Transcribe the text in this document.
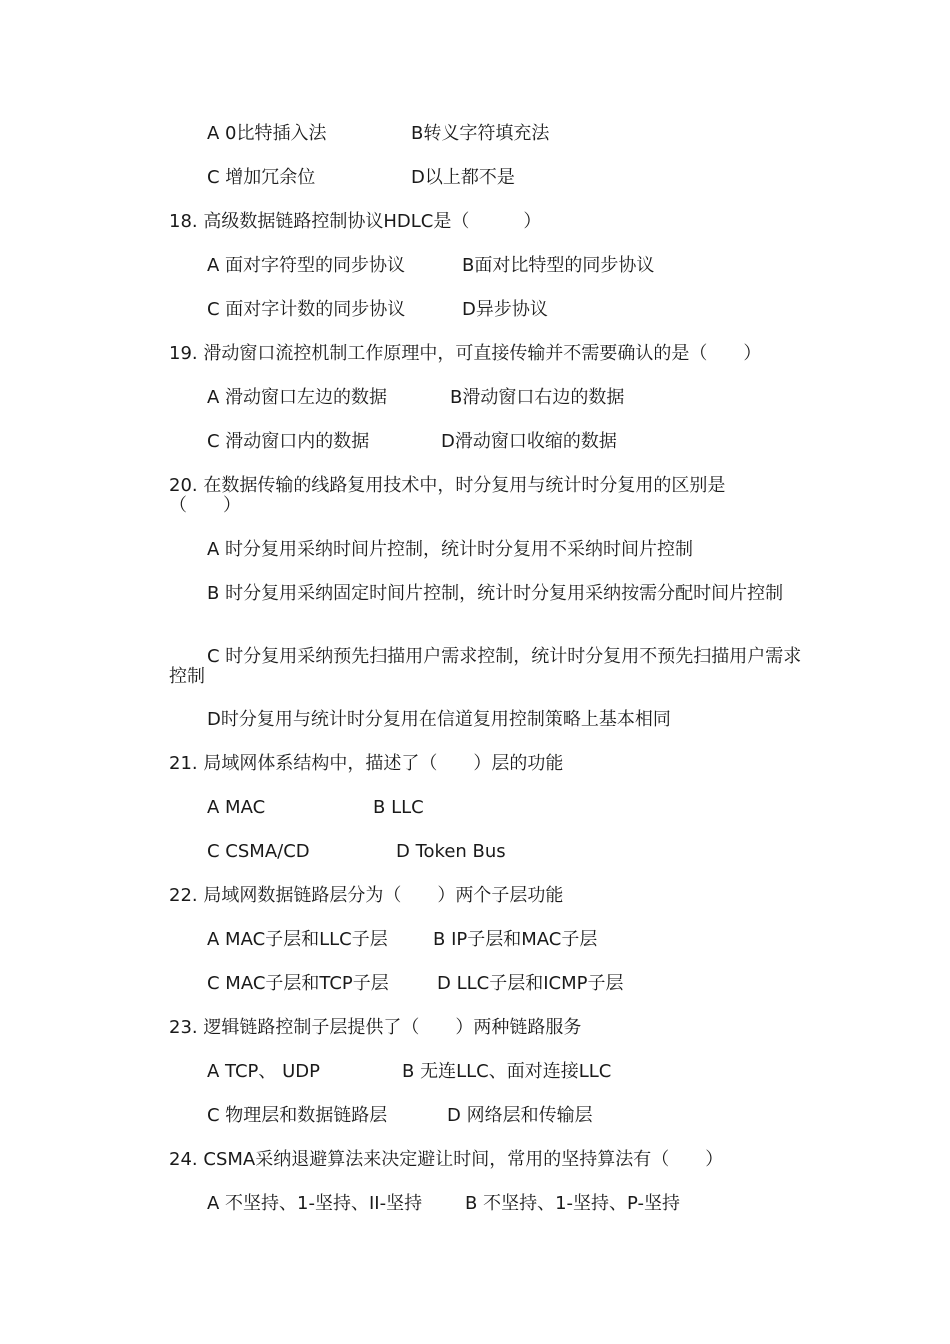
A 0比特插入法	B转义字符填充法
C 增加冗余位	D以上都不是
18. 高级数据链路控制协议HDLC是（　　　）
A 面对字符型的同步协议	B面对比特型的同步协议
C 面对字计数的同步协议	D异步协议
19. 滑动窗口流控机制工作原理中，可直接传输并不需要确认的是（　　）
A 滑动窗口左边的数据	B滑动窗口右边的数据
C 滑动窗口内的数据	D滑动窗口收缩的数据
20. 在数据传输的线路复用技术中，时分复用与统计时分复用的区别是（　　）
A 时分复用采纳时间片控制，统计时分复用不采纳时间片控制
B 时分复用采纳固定时间片控制，统计时分复用采纳按需分配时间片控制
C 时分复用采纳预先扫描用户需求控制，统计时分复用不预先扫描用户需求控制
D时分复用与统计时分复用在信道复用控制策略上基本相同
21. 局域网体系结构中，描述了（　　）层的功能
A MAC	B LLC
C CSMA/CD	D Token Bus
22. 局域网数据链路层分为（　　）两个子层功能
A MAC子层和LLC子层	B IP子层和MAC子层
C MAC子层和TCP子层	D LLC子层和ICMP子层
23. 逻辑链路控制子层提供了（　　）两种链路服务
A TCP、 UDP	B 无连LLC、面对连接LLC
C 物理层和数据链路层	D 网络层和传输层
24. CSMA采纳退避算法来决定避让时间，常用的坚持算法有（　　）
A 不坚持、1-坚持、II-坚持 B 不坚持、1-坚持、P-坚持
